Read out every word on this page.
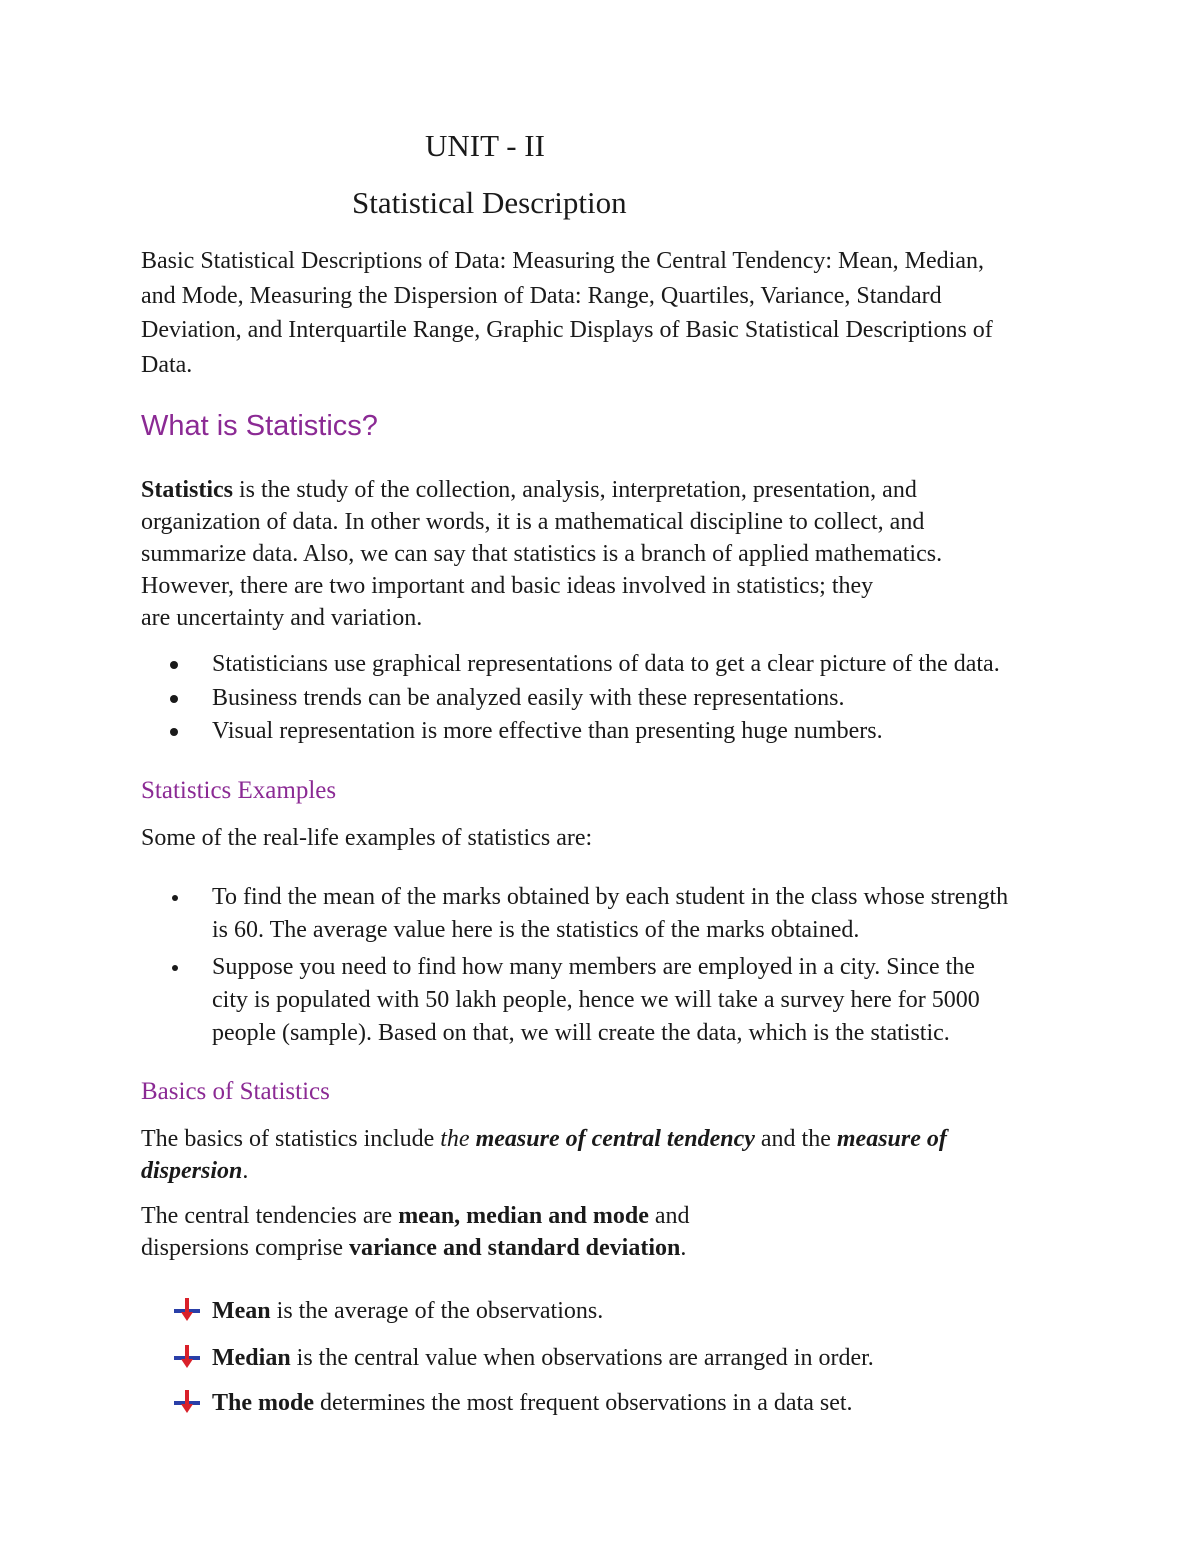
UNIT - II

Statistical Description

Basic Statistical Descriptions of Data: Measuring the Central Tendency: Mean, Median,
and Mode, Measuring the Dispersion of Data: Range, Quartiles, Variance, Standard
Deviation, and Interquartile Range, Graphic Displays of Basic Statistical Descriptions of
Data.

What is Statistics?

Statistics is the study of the collection, analysis, interpretation, presentation, and
organization of data. In other words, it is a mathematical discipline to collect, and
summarize data. Also, we can say that statistics is a branch of applied mathematics.
However, there are two important and basic ideas involved in statistics; they
are uncertainty and variation.
Statisticians use graphical representations of data to get a clear picture of the data.
Business trends can be analyzed easily with these representations.
Visual representation is more effective than presenting huge numbers.

Statistics Examples

Some of the real-life examples of statistics are:

To find the mean of the marks obtained by each student in the class whose strength
is 60. The average value here is the statistics of the marks obtained.
Suppose you need to find how many members are employed in a city. Since the
city is populated with 50 lakh people, hence we will take a survey here for 5000
people (sample). Based on that, we will create the data, which is the statistic.

Basics of Statistics

The basics of statistics include the measure of central tendency and the measure of
dispersion.
The central tendencies are mean, median and mode and
dispersions comprise variance and standard deviation.
Mean is the average of the observations.
Median is the central value when observations are arranged in order.
The mode determines the most frequent observations in a data set.
